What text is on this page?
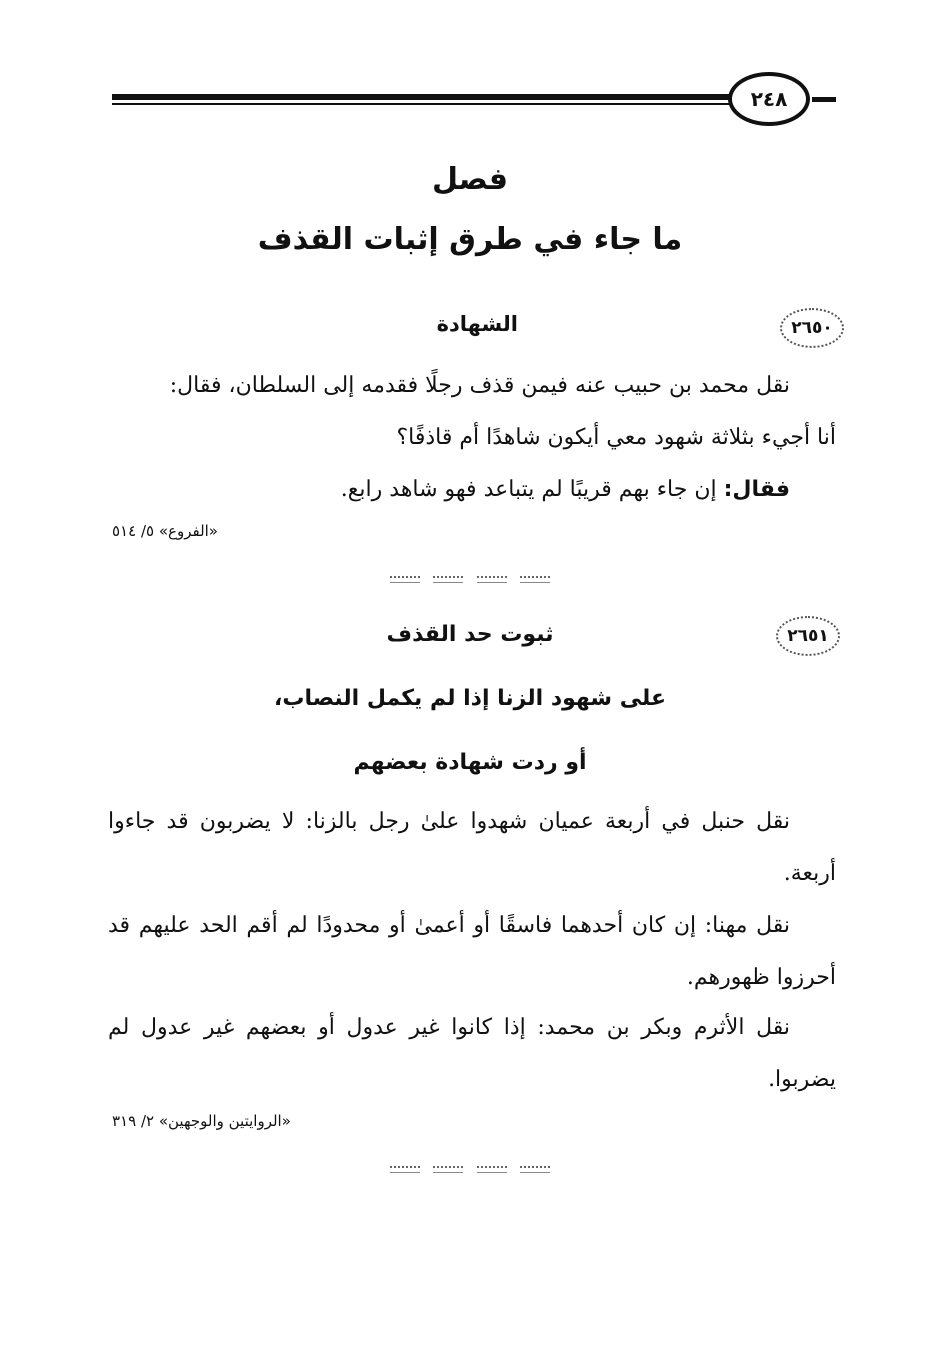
٢٤٨
فصل
ما جاء في طرق إثبات القذف
٢٦٥٠
الشهادة
نقل محمد بن حبيب عنه فيمن قذف رجلًا فقدمه إلى السلطان، فقال:
أنا أجيء بثلاثة شهود معي أيكون شاهدًا أم قاذفًا؟
فقال: إن جاء بهم قريبًا لم يتباعد فهو شاهد رابع.
«الفروع» ٥/ ٥١٤
٢٦٥١
ثبوت حد القذف
على شهود الزنا إذا لم يكمل النصاب،
أو ردت شهادة بعضهم
نقل حنبل في أربعة عميان شهدوا علىٰ رجل بالزنا: لا يضربون قد جاءوا أربعة.
نقل مهنا: إن كان أحدهما فاسقًا أو أعمىٰ أو محدودًا لم أقم الحد عليهم قد أحرزوا ظهورهم.
نقل الأثرم وبكر بن محمد: إذا كانوا غير عدول أو بعضهم غير عدول لم يضربوا.
«الروايتين والوجهين» ٢/ ٣١٩
